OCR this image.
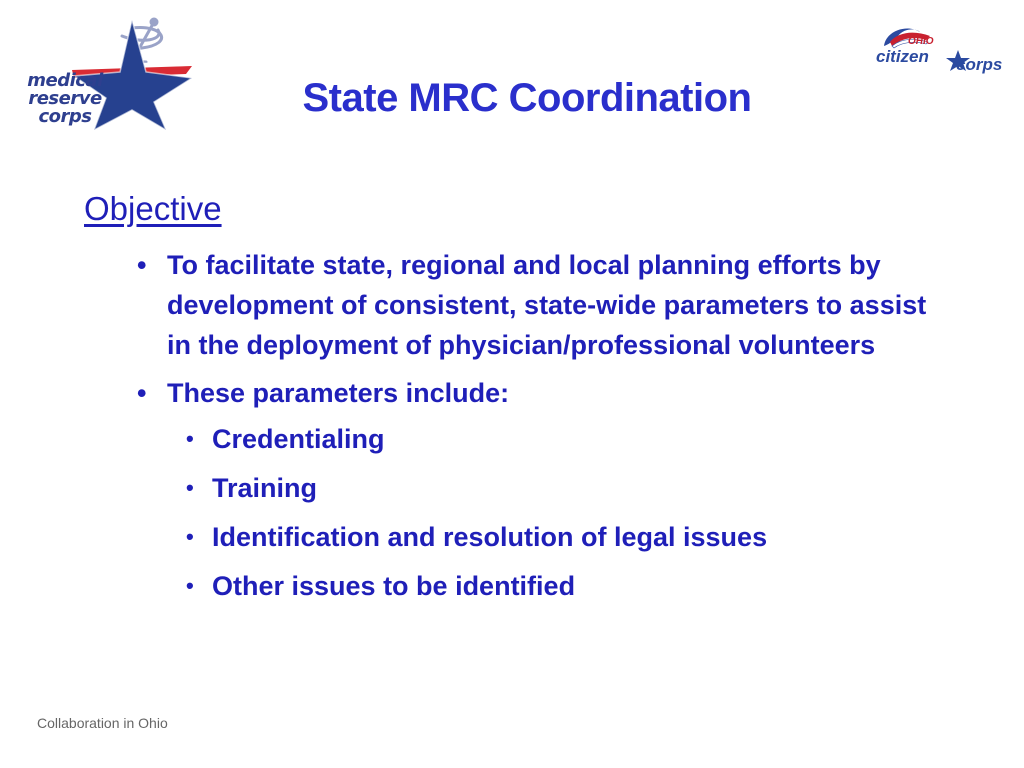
medical
reserve
corps
OHIO
citizen corps
State MRC Coordination
Objective
• To facilitate state, regional and local planning efforts by development of consistent, state-wide parameters to assist in the deployment of physician/professional volunteers
• These parameters include:
• Credentialing
• Training
• Identification and resolution of legal issues
• Other issues to be identified
Collaboration in Ohio
